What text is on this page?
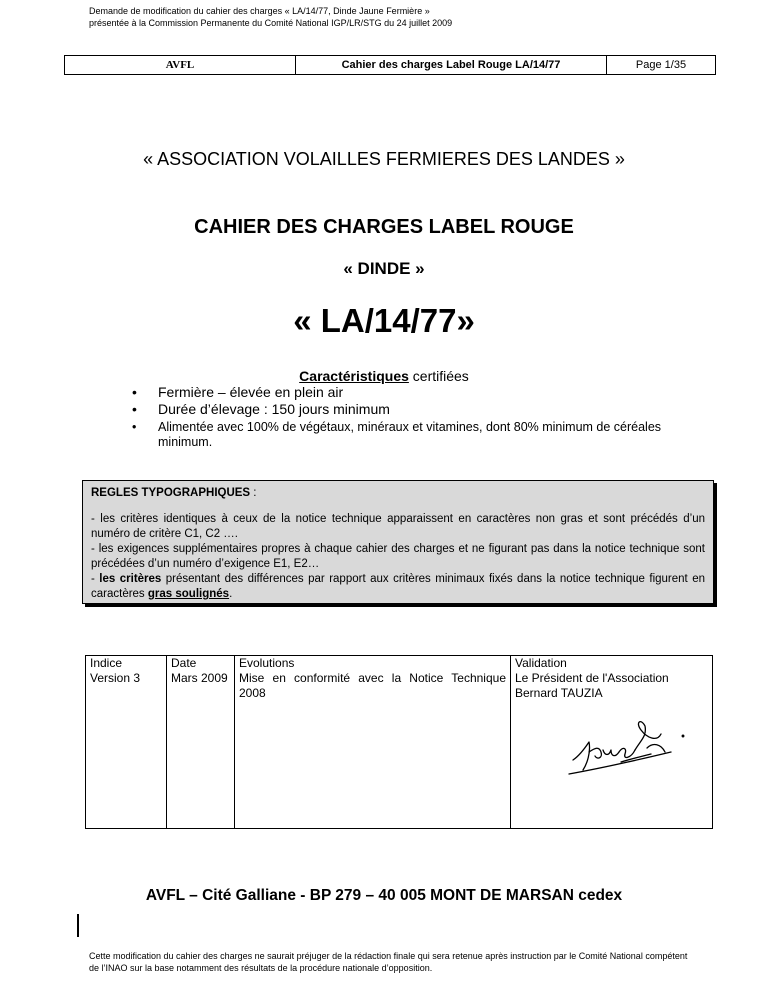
Demande de modification du cahier des charges « LA/14/77, Dinde Jaune Fermière »
présentée à la Commission Permanente du Comité National IGP/LR/STG du 24 juillet 2009
AVFL	Cahier des charges Label Rouge LA/14/77	Page 1/35
« ASSOCIATION VOLAILLES FERMIERES DES LANDES »
CAHIER DES CHARGES LABEL ROUGE
« DINDE »
« LA/14/77»
Caractéristiques certifiées
• Fermière – élevée en plein air
• Durée d’élevage : 150 jours minimum
• Alimentée avec 100% de végétaux, minéraux et vitamines, dont 80% minimum de céréales minimum.

REGLES TYPOGRAPHIQUES :

- les critères identiques à ceux de la notice technique apparaissent en caractères non gras et sont précédés d’un numéro de critère C1, C2 ….

- les exigences supplémentaires propres à chaque cahier des charges et ne figurant pas dans la notice technique sont précédées d’un numéro d’exigence E1, E2…

- les critères présentant des différences par rapport aux critères minimaux fixés dans la notice technique figurent en caractères gras soulignés.

Indice
Version 3
Date
Mars 2009
Evolutions
Mise en conformité avec la Notice Technique 2008
Validation
Le Président de l'Association
Bernard TAUZIA
AVFL – Cité Galliane - BP 279 – 40 005 MONT DE MARSAN cedex
Cette modification du cahier des charges ne saurait préjuger de la rédaction finale qui sera retenue après instruction par le Comité National compétent de l’INAO sur la base notamment des résultats de la procédure nationale d’opposition.
